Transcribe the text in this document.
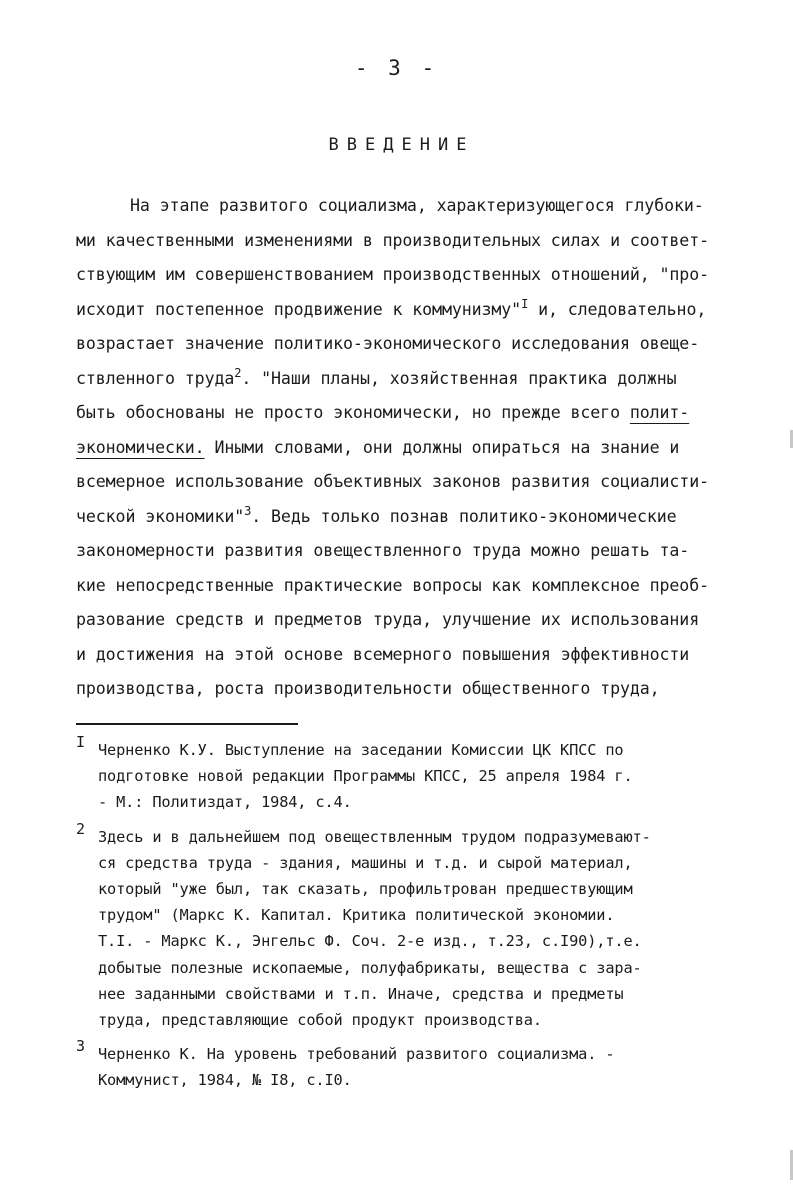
- 3 -
ВВЕДЕНИЕ
На этапе развитого социализма, характеризующегося глубоки-
ми качественными изменениями в производительных силах и соответ-
ствующим им совершенствованием производственных отношений, "про-
исходит постепенное продвижение к коммунизму"$^I$ и, следовательно,
возрастает значение политико-экономического исследования овеще-
ствленного труда$^2$. "Наши планы, хозяйственная практика должны
быть обоснованы не просто экономически, но прежде всего полит-
экономически. Иными словами, они должны опираться на знание и
всемерное использование объективных законов развития социалисти-
ческой экономики"$^3$. Ведь только познав политико-экономические
закономерности развития овеществленного труда можно решать та-
кие непосредственные практические вопросы как комплексное преоб-
разование средств и предметов труда, улучшение их использования
и достижения на этой основе всемерного повышения эффективности
производства, роста производительности общественного труда,
I Черненко К.У. Выступление на заседании Комиссии ЦК КПСС по
подготовке новой редакции Программы КПСС, 25 апреля 1984 г.
- М.: Политиздат, 1984, с.4.
2 Здесь и в дальнейшем под овеществленным трудом подразумевают-
ся средства труда - здания, машины и т.д. и сырой материал,
который "уже был, так сказать, профильтрован предшествующим
трудом" (Маркс К. Капитал. Критика политической экономии.
Т.I. - Маркс К., Энгельс Ф. Соч. 2-е изд., т.23, с.I90),т.е.
добытые полезные ископаемые, полуфабрикаты, вещества с зара-
нее заданными свойствами и т.п. Иначе, средства и предметы
труда, представляющие собой продукт производства.
3 Черненко К. На уровень требований развитого социализма. -
Коммунист, 1984, № I8, с.I0.
